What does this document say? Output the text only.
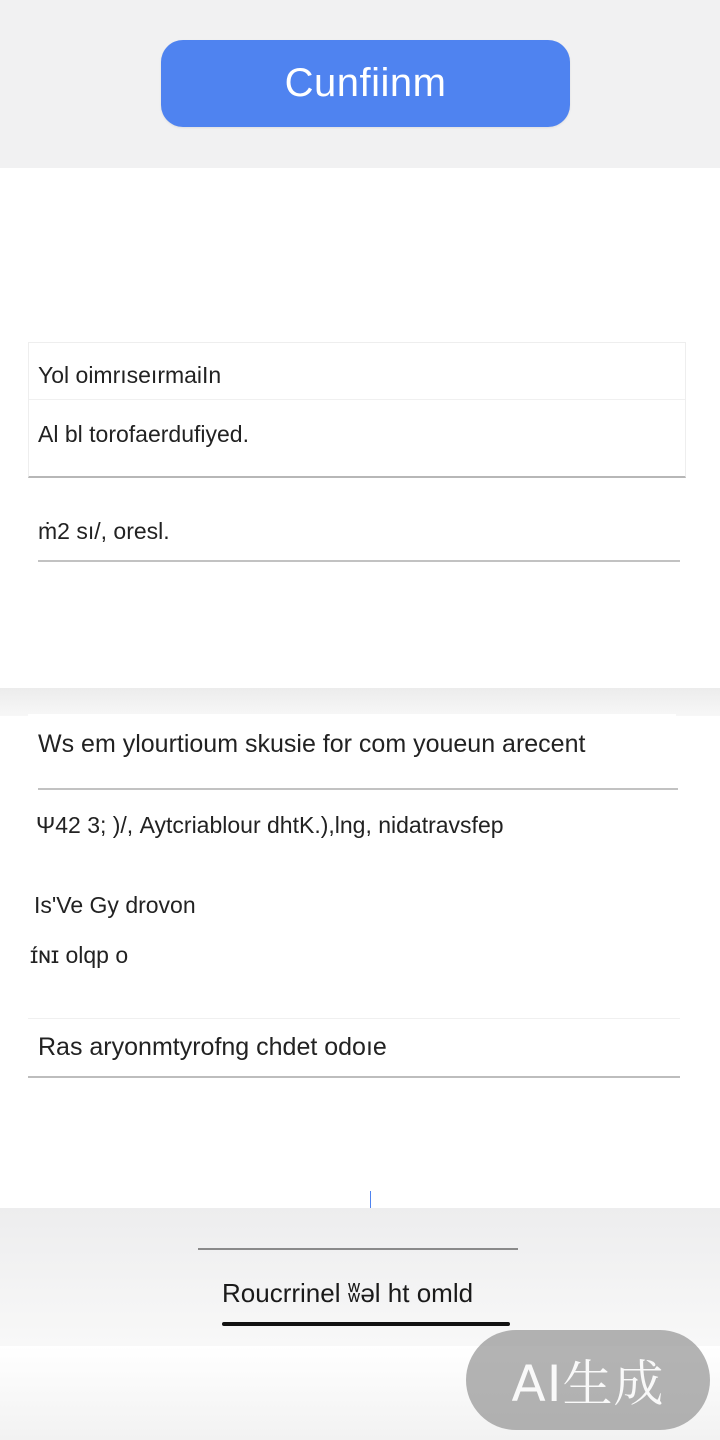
Cunfiinm
Yol oimrıseırmaiIn
Al bl torofaerdufiyed.
ṁ2 sı/, oresl.
Ws em ylourtioum skusie for com youeun arecent
Ψ42 3; )/, Aytcriablour dhtK.),lng, nidatravsfep
Is'Ve Gy drovon
ɪ́ɴɪ olqp o
Ras aryonmtyrofng chdet odoıe
Roucrrinel ʬəl ht omld
AI生成
